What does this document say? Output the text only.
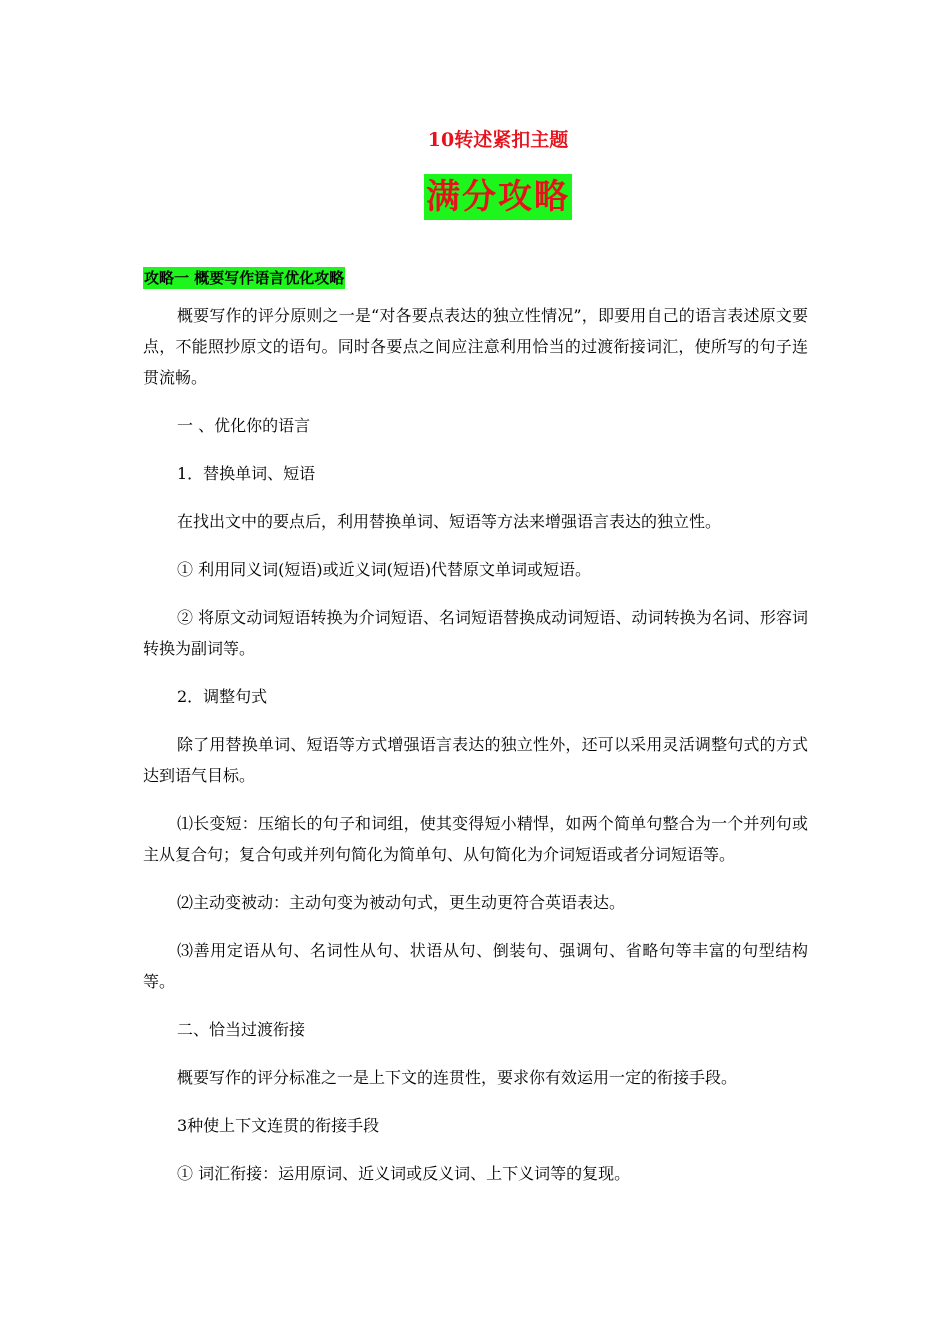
10转述紧扣主题
满分攻略
攻略一 概要写作语言优化攻略

概要写作的评分原则之一是“对各要点表达的独立性情况”，即要用自己的语言表述原文要点，不能照抄原文的语句。同时各要点之间应注意利用恰当的过渡衔接词汇，使所写的句子连贯流畅。

一 、优化你的语言

1．替换单词、短语

在找出文中的要点后，利用替换单词、短语等方法来增强语言表达的独立性。

① 利用同义词(短语)或近义词(短语)代替原文单词或短语。

② 将原文动词短语转换为介词短语、名词短语替换成动词短语、动词转换为名词、形容词转换为副词等。

2．调整句式

除了用替换单词、短语等方式增强语言表达的独立性外，还可以采用灵活调整句式的方式达到语气目标。

⑴长变短：压缩长的句子和词组，使其变得短小精悍，如两个简单句整合为一个并列句或主从复合句；复合句或并列句简化为简单句、从句简化为介词短语或者分词短语等。

⑵主动变被动：主动句变为被动句式，更生动更符合英语表达。

⑶善用定语从句、名词性从句、状语从句、倒装句、强调句、省略句等丰富的句型结构等。

二、恰当过渡衔接

概要写作的评分标准之一是上下文的连贯性，要求你有效运用一定的衔接手段。

3种使上下文连贯的衔接手段

① 词汇衔接：运用原词、近义词或反义词、上下义词等的复现。
